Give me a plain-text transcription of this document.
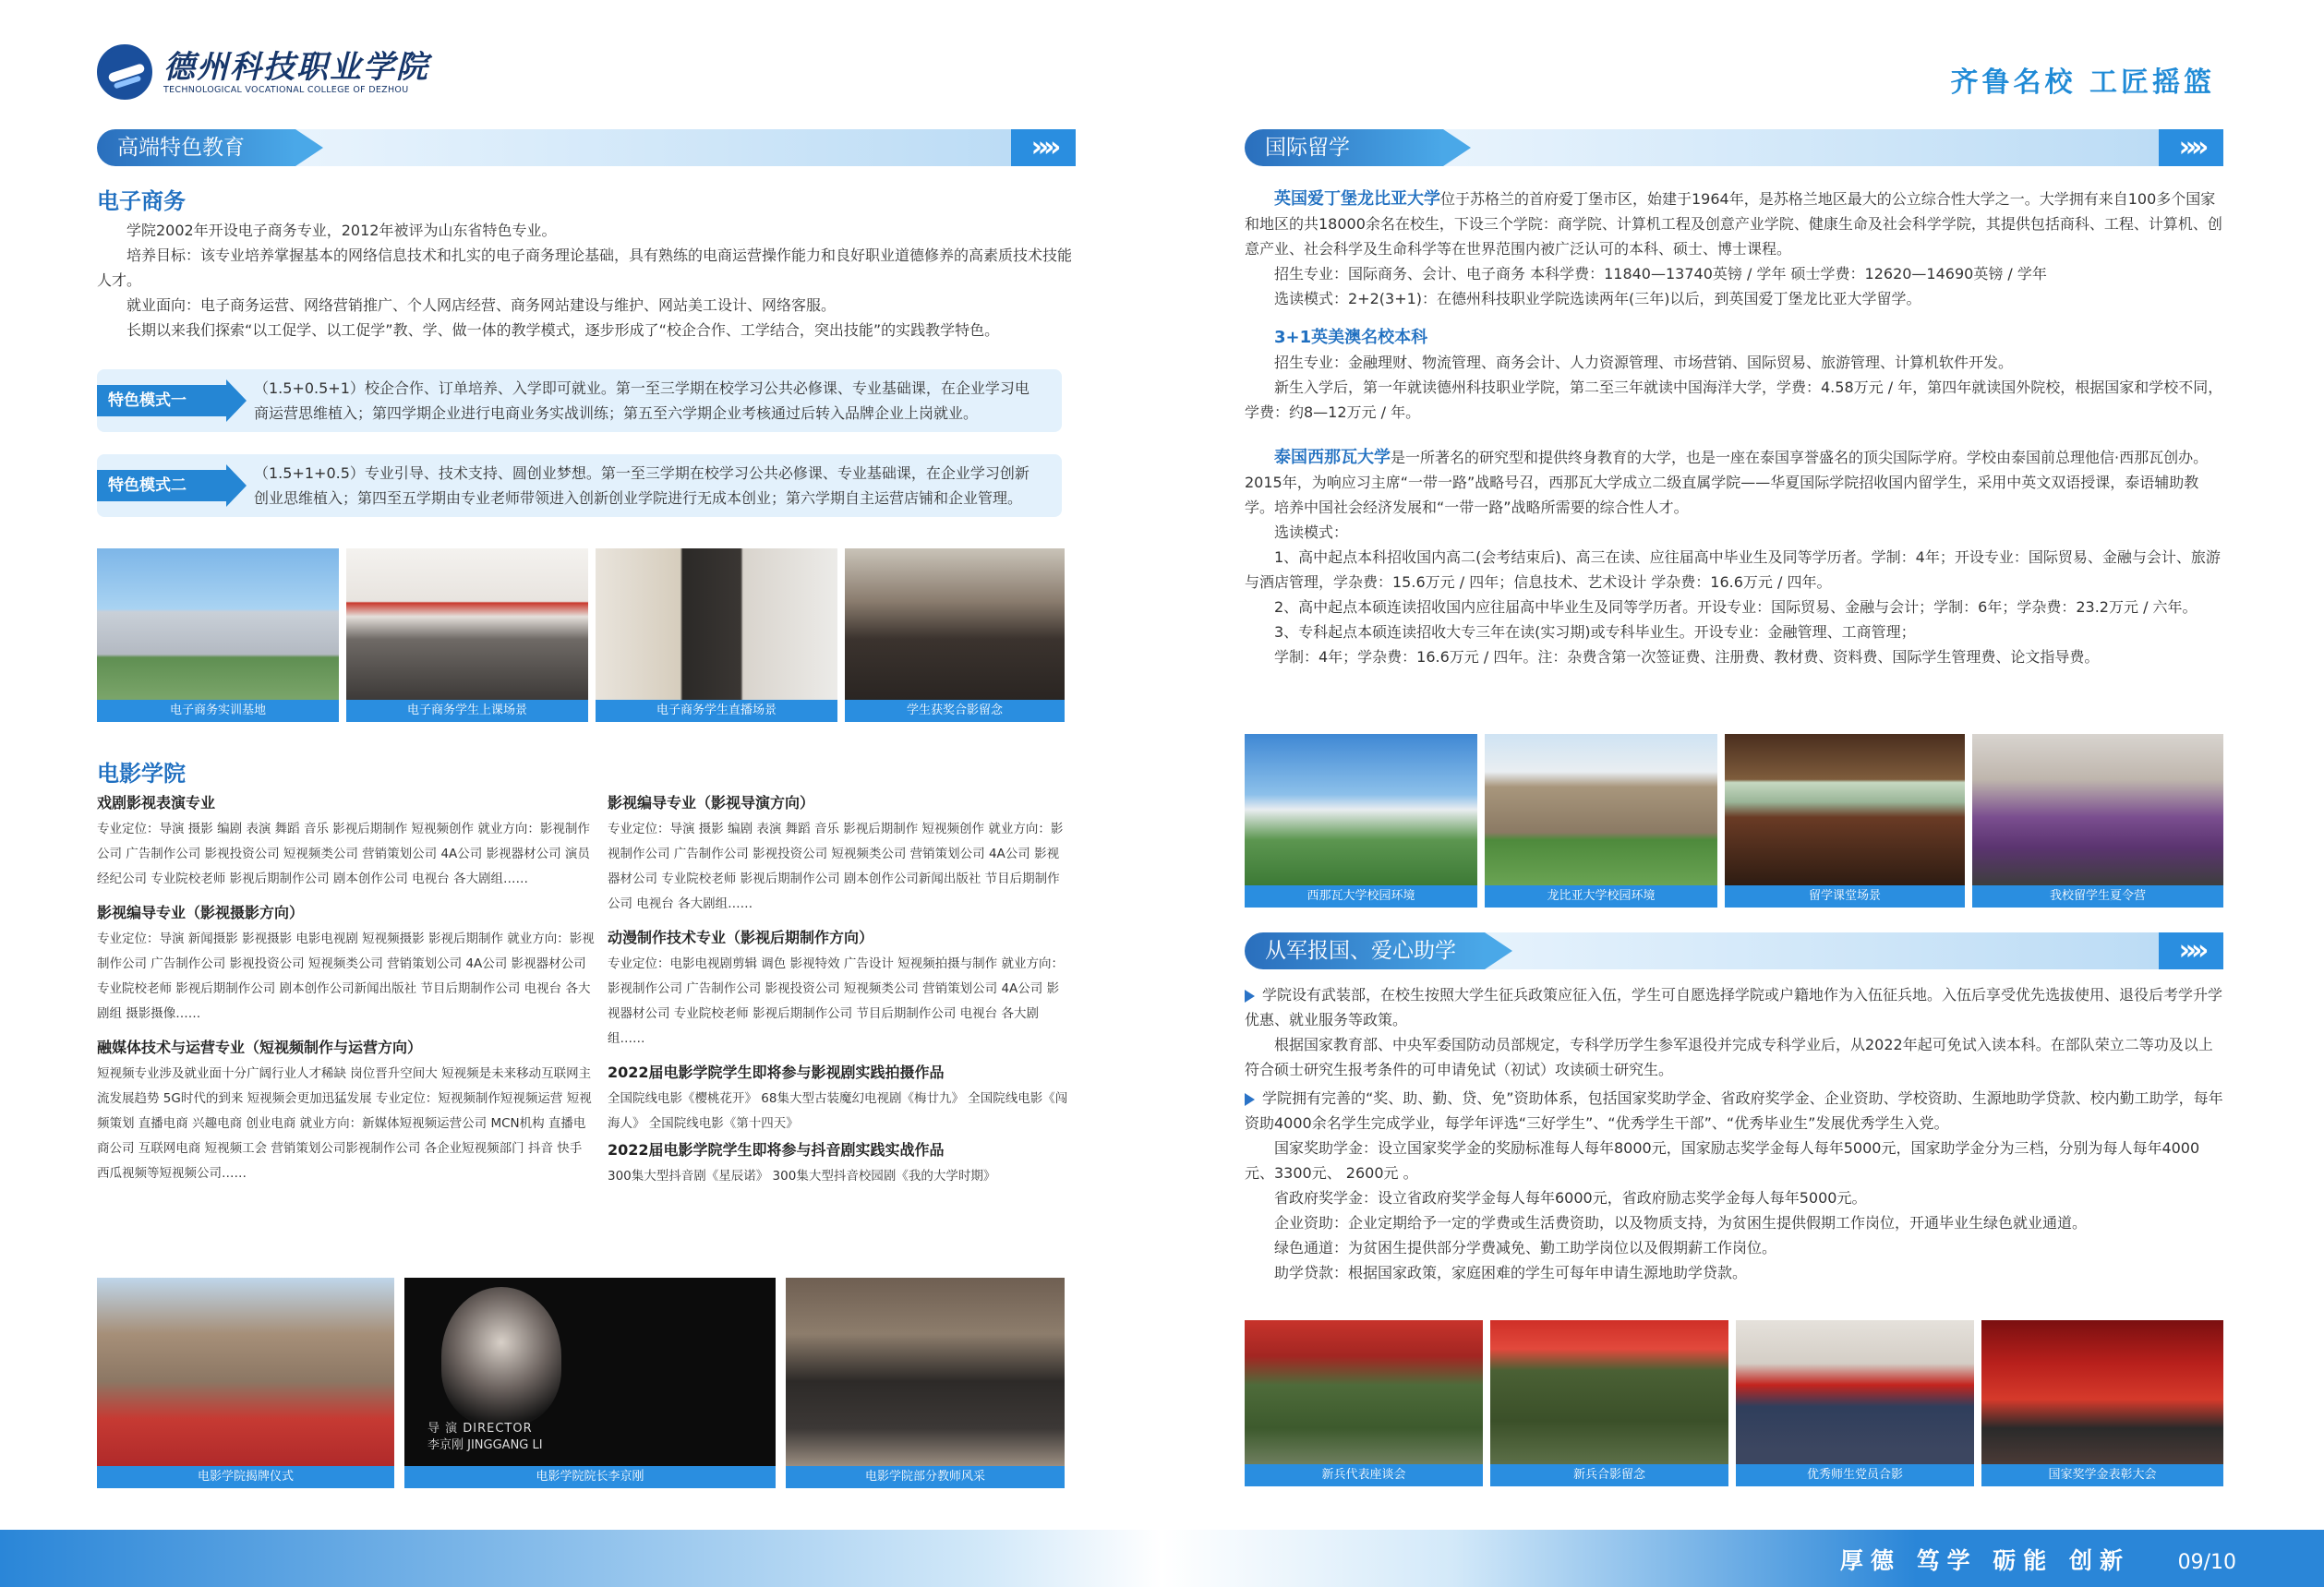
德州科技职业学院
TECHNOLOGICAL VOCATIONAL COLLEGE OF DEZHOU
高端特色教育	»»
电子商务

学院2002年开设电子商务专业，2012年被评为山东省特色专业。

培养目标：该专业培养掌握基本的网络信息技术和扎实的电子商务理论基础，具有熟练的电商运营操作能力和良好职业道德修养的高素质技术技能人才。

就业面向：电子商务运营、网络营销推广、个人网店经营、商务网站建设与维护、网站美工设计、网络客服。

长期以来我们探索“以工促学、以工促学”教、学、做一体的教学模式，逐步形成了“校企合作、工学结合，突出技能”的实践教学特色。

特色模式一
（1.5+0.5+1）校企合作、订单培养、入学即可就业。第一至三学期在校学习公共必修课、专业基础课，在企业学习电商运营思维植入；第四学期企业进行电商业务实战训练；第五至六学期企业考核通过后转入品牌企业上岗就业。
特色模式二
（1.5+1+0.5）专业引导、技术支持、圆创业梦想。第一至三学期在校学习公共必修课、专业基础课，在企业学习创新创业思维植入；第四至五学期由专业老师带领进入创新创业学院进行无成本创业；第六学期自主运营店铺和企业管理。
电子商务实训基地	电子商务学生上课场景	电子商务学生直播场景	学生获奖合影留念
电影学院
戏剧影视表演专业
专业定位：导演 摄影 编剧 表演 舞蹈 音乐 影视后期制作 短视频创作 就业方向：影视制作公司 广告制作公司 影视投资公司 短视频类公司 营销策划公司 4A公司 影视器材公司 演员经纪公司 专业院校老师 影视后期制作公司 剧本创作公司 电视台 各大剧组……
影视编导专业（影视摄影方向）
专业定位：导演 新闻摄影 影视摄影 电影电视剧 短视频摄影 影视后期制作 就业方向：影视制作公司 广告制作公司 影视投资公司 短视频类公司 营销策划公司 4A公司 影视器材公司 专业院校老师 影视后期制作公司 剧本创作公司新闻出版社 节目后期制作公司 电视台 各大剧组 摄影摄像……
融媒体技术与运营专业（短视频制作与运营方向）
短视频专业涉及就业面十分广阔行业人才稀缺 岗位晋升空间大 短视频是未来移动互联网主流发展趋势 5G时代的到来 短视频会更加迅猛发展 专业定位：短视频制作短视频运营 短视频策划 直播电商 兴趣电商 创业电商 就业方向：新媒体短视频运营公司 MCN机构 直播电商公司 互联网电商 短视频工会 营销策划公司影视制作公司 各企业短视频部门 抖音 快手 西瓜视频等短视频公司……
影视编导专业（影视导演方向）
专业定位：导演 摄影 编剧 表演 舞蹈 音乐 影视后期制作 短视频创作 就业方向：影视制作公司 广告制作公司 影视投资公司 短视频类公司 营销策划公司 4A公司 影视器材公司 专业院校老师 影视后期制作公司 剧本创作公司新闻出版社 节目后期制作公司 电视台 各大剧组……
动漫制作技术专业（影视后期制作方向）
专业定位：电影电视剧剪辑 调色 影视特效 广告设计 短视频拍摄与制作 就业方向：影视制作公司 广告制作公司 影视投资公司 短视频类公司 营销策划公司 4A公司 影视器材公司 专业院校老师 影视后期制作公司 节目后期制作公司 电视台 各大剧组……
2022届电影学院学生即将参与影视剧实践拍摄作品
全国院线电影《樱桃花开》 68集大型古装魔幻电视剧《梅廿九》 全国院线电影《闯海人》 全国院线电影《第十四天》
2022届电影学院学生即将参与抖音剧实践实战作品
300集大型抖音剧《星辰诺》 300集大型抖音校园剧《我的大学时期》
电影学院揭牌仪式
导 演 DIRECTOR
李京刚 JINGGANG LI
电影学院院长李京刚	电影学院部分教师风采
齐鲁名校 工匠摇篮
国际留学	»»

英国爱丁堡龙比亚大学位于苏格兰的首府爱丁堡市区，始建于1964年，是苏格兰地区最大的公立综合性大学之一。大学拥有来自100多个国家和地区的共18000余名在校生，下设三个学院：商学院、计算机工程及创意产业学院、健康生命及社会科学学院，其提供包括商科、工程、计算机、创意产业、社会科学及生命科学等在世界范围内被广泛认可的本科、硕士、博士课程。

招生专业：国际商务、会计、电子商务 本科学费：11840—13740英镑 / 学年 硕士学费：12620—14690英镑 / 学年

选读模式：2+2(3+1)：在德州科技职业学院选读两年(三年)以后，到英国爱丁堡龙比亚大学留学。

3+1英美澳名校本科

招生专业：金融理财、物流管理、商务会计、人力资源管理、市场营销、国际贸易、旅游管理、计算机软件开发。

新生入学后，第一年就读德州科技职业学院，第二至三年就读中国海洋大学，学费：4.58万元 / 年，第四年就读国外院校，根据国家和学校不同，学费：约8—12万元 / 年。

泰国西那瓦大学是一所著名的研究型和提供终身教育的大学，也是一座在泰国享誉盛名的顶尖国际学府。学校由泰国前总理他信·西那瓦创办。2015年，为响应习主席“一带一路”战略号召，西那瓦大学成立二级直属学院——华夏国际学院招收国内留学生，采用中英文双语授课，泰语辅助教学。培养中国社会经济发展和“一带一路”战略所需要的综合性人才。

选读模式：

1、高中起点本科招收国内高二(会考结束后)、高三在读、应往届高中毕业生及同等学历者。学制：4年；开设专业：国际贸易、金融与会计、旅游与酒店管理，学杂费：15.6万元 / 四年；信息技术、艺术设计 学杂费：16.6万元 / 四年。

2、高中起点本硕连读招收国内应往届高中毕业生及同等学历者。开设专业：国际贸易、金融与会计；学制：6年；学杂费：23.2万元 / 六年。

3、专科起点本硕连读招收大专三年在读(实习期)或专科毕业生。开设专业：金融管理、工商管理；

学制：4年；学杂费：16.6万元 / 四年。注：杂费含第一次签证费、注册费、教材费、资料费、国际学生管理费、论文指导费。

西那瓦大学校园环境	龙比亚大学校园环境	留学课堂场景	我校留学生夏令营
从军报国、爱心助学	»»
学院设有武装部，在校生按照大学生征兵政策应征入伍，学生可自愿选择学院或户籍地作为入伍征兵地。入伍后享受优先选拔使用、退役后考学升学优惠、就业服务等政策。

根据国家教育部、中央军委国防动员部规定，专科学历学生参军退役并完成专科学业后，从2022年起可免试入读本科。在部队荣立二等功及以上符合硕士研究生报考条件的可申请免试（初试）攻读硕士研究生。

学院拥有完善的“奖、助、勤、贷、免”资助体系，包括国家奖助学金、省政府奖学金、企业资助、学校资助、生源地助学贷款、校内勤工助学，每年资助4000余名学生完成学业，每学年评选“三好学生”、“优秀学生干部”、“优秀毕业生”发展优秀学生入党。

国家奖助学金：设立国家奖学金的奖励标准每人每年8000元，国家励志奖学金每人每年5000元，国家助学金分为三档，分别为每人每年4000元、3300元、 2600元 。

省政府奖学金：设立省政府奖学金每人每年6000元，省政府励志奖学金每人每年5000元。

企业资助：企业定期给予一定的学费或生活费资助，以及物质支持，为贫困生提供假期工作岗位，开通毕业生绿色就业通道。

绿色通道：为贫困生提供部分学费减免、勤工助学岗位以及假期薪工作岗位。

助学贷款：根据国家政策，家庭困难的学生可每年申请生源地助学贷款。

新兵代表座谈会	新兵合影留念	优秀师生党员合影	国家奖学金表彰大会
厚德 笃学 砺能 创新 09/10
